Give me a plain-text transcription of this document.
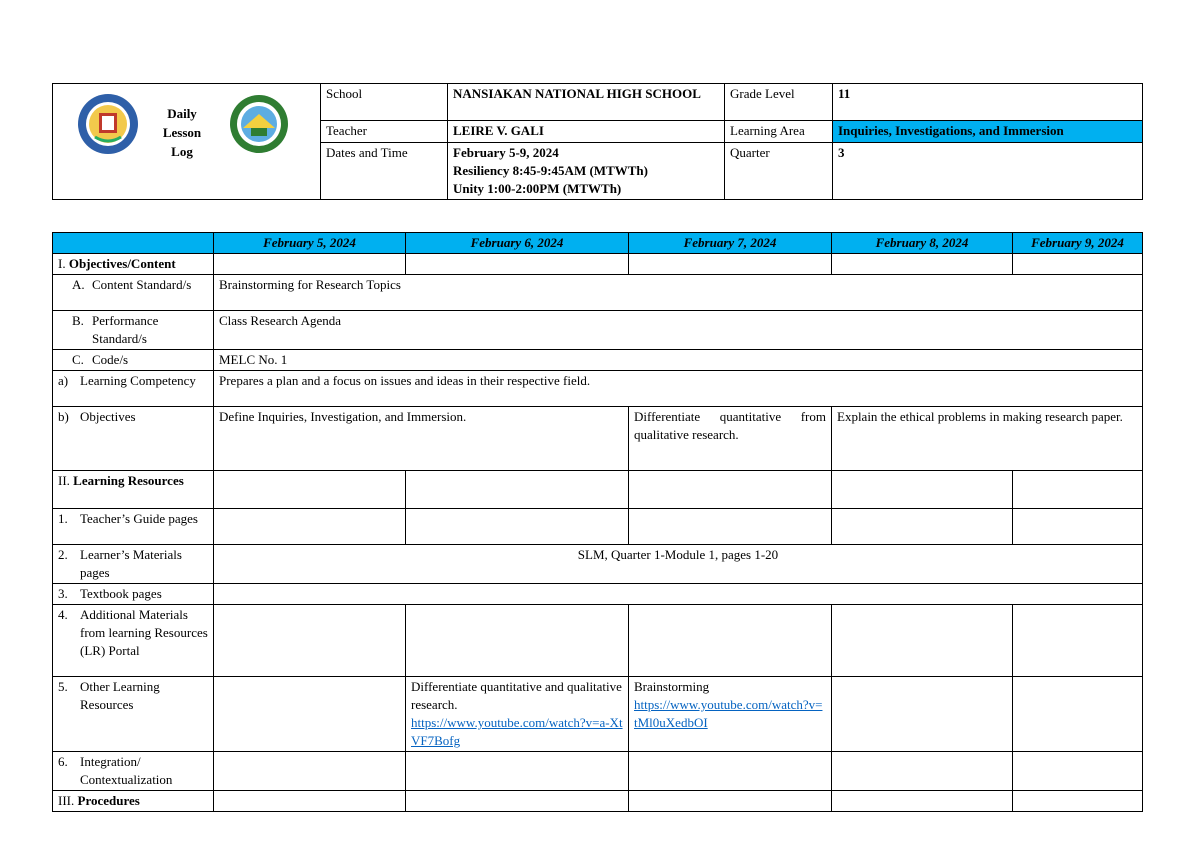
Daily
Lesson
Log	School	NANSIAKAN NATIONAL HIGH SCHOOL	Grade Level	11
	Teacher	LEIRE V. GALI	Learning Area	Inquiries, Investigations, and Immersion
	Dates and Time	February 5-9, 2024
Resiliency 8:45-9:45AM (MTWTh)
Unity 1:00-2:00PM (MTWTh)	Quarter	3
	February 5, 2024	February 6, 2024	February 7, 2024	February 8, 2024	February 9, 2024
I. Objectives/Content					

A. Content Standard/s	Brainstorming for Research Topics				

B. Performance Standard/s	Class Research Agenda				

C. Code/s	MELC No. 1				

a) Learning Competency	Prepares a plan and a focus on issues and ideas in their respective field.				

b) Objectives	Define Inquiries, Investigation, and Immersion.		Differentiate quantitative from qualitative research.	Explain the ethical problems in making research paper.	
II. Learning Resources					

1. Teacher’s Guide pages					

2. Learner’s Materials pages	SLM, Quarter 1-Module 1, pages 1-20				

3. Textbook pages					

4. Additional Materials from learning Resources (LR) Portal					

5. Other Learning Resources		Differentiate quantitative and qualitative research.
https://www.youtube.com/watch?v=a-XtVF7Bofg	Brainstorming
https://www.youtube.com/watch?v=tMl0uXedbOI		

6. Integration/ Contextualization					

III. Procedures					
